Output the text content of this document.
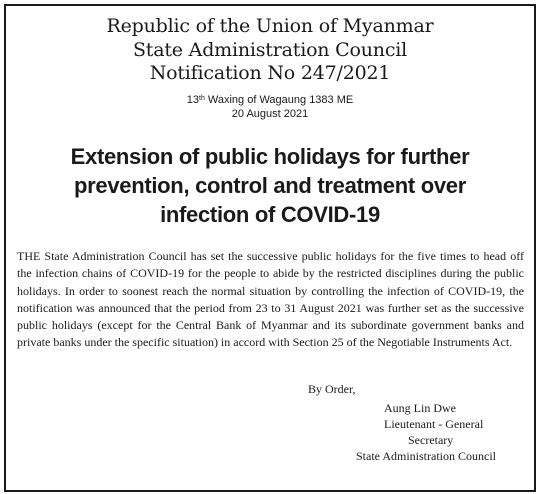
Republic of the Union of Myanmar
State Administration Council
Notification No 247/2021
13th Waxing of Wagaung 1383 ME
20 August 2021
Extension of public holidays for further
prevention, control and treatment over
infection of COVID-19

THE State Administration Council has set the successive public holidays for the five times to head off the infection chains of COVID-19 for the people to abide by the restricted disciplines during the public holidays. In order to soonest reach the normal situation by controlling the infection of COVID-19, the notification was announced that the period from 23 to 31 August 2021 was further set as the successive public holidays (except for the Central Bank of Myanmar and its subordinate government banks and private banks under the specific situation) in accord with Section 25 of the Negotiable Instruments Act.

By Order,
Aung Lin Dwe
Lieutenant - General
Secretary
State Administration Council
